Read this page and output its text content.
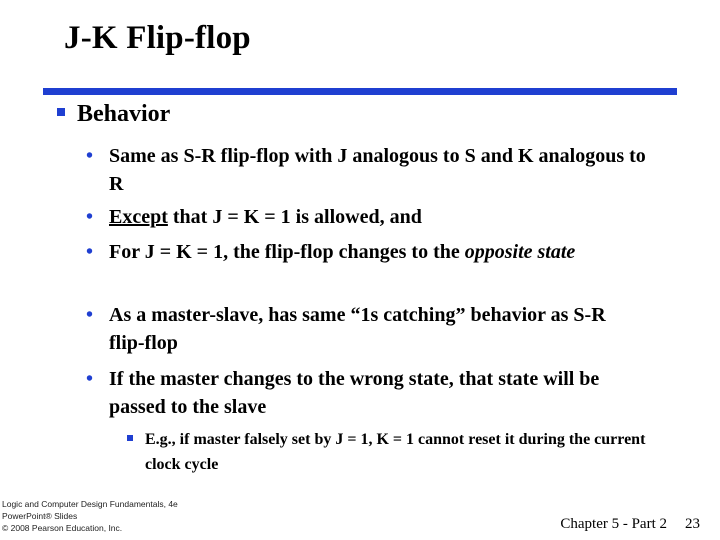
J-K Flip-flop
Behavior
• Same as S-R flip-flop with J analogous to S and K analogous to R
• Except that J = K = 1 is allowed, and
• For J = K = 1, the flip-flop changes to the opposite state
• As a master-slave, has same “1s catching” behavior as S-R flip-flop
• If the master changes to the wrong state, that state will be passed to the slave
E.g., if master falsely set by J = 1, K = 1 cannot reset it during the current clock cycle
Logic and Computer Design Fundamentals, 4e
PowerPoint® Slides
© 2008 Pearson Education, Inc.	Chapter 5 - Part 2 23
